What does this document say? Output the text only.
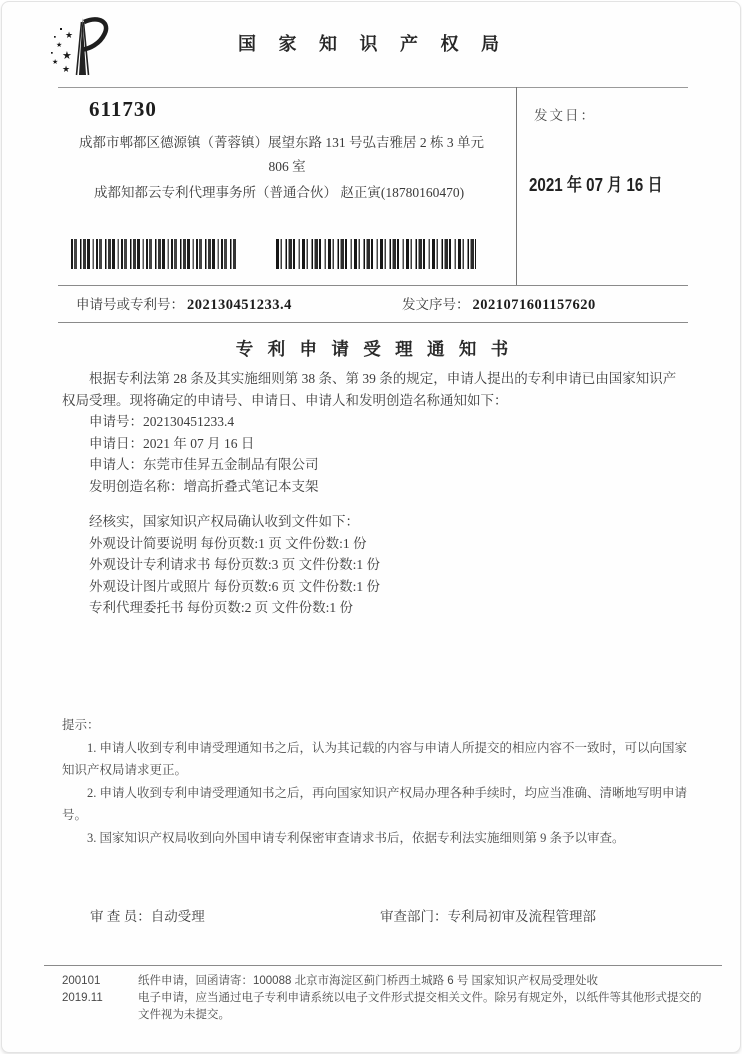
★
★
★
★
★
国 家 知 识 产 权 局
611730
成都市郫都区德源镇（菁蓉镇）展望东路 131 号弘吉雅居 2 栋 3 单元
806 室
成都知都云专利代理事务所（普通合伙） 赵正寅(18780160470)
发文日：
2021 年 07 月 16 日
申请号或专利号： 202130451233.4	发文序号： 2021071601157620
专 利 申 请 受 理 通 知 书

根据专利法第 28 条及其实施细则第 38 条、第 39 条的规定，申请人提出的专利申请已由国家知识产权局受理。现将确定的申请号、申请日、申请人和发明创造名称通知如下：

申请号：202130451233.4

申请日：2021 年 07 月 16 日

申请人：东莞市佳昇五金制品有限公司

发明创造名称：增高折叠式笔记本支架

经核实，国家知识产权局确认收到文件如下：

外观设计简要说明 每份页数:1 页 文件份数:1 份

外观设计专利请求书 每份页数:3 页 文件份数:1 份

外观设计图片或照片 每份页数:6 页 文件份数:1 份

专利代理委托书 每份页数:2 页 文件份数:1 份

提示：

1. 申请人收到专利申请受理通知书之后，认为其记载的内容与申请人所提交的相应内容不一致时，可以向国家知识产权局请求更正。

2. 申请人收到专利申请受理通知书之后，再向国家知识产权局办理各种手续时，均应当准确、清晰地写明申请号。

3. 国家知识产权局收到向外国申请专利保密审查请求书后，依据专利法实施细则第 9 条予以审查。

审 查 员：自动受理	审查部门：专利局初审及流程管理部
200101	纸件申请，回函请寄：100088 北京市海淀区蓟门桥西土城路 6 号 国家知识产权局受理处收
2019.11	电子申请，应当通过电子专利申请系统以电子文件形式提交相关文件。除另有规定外，以纸件等其他形式提交的文件视为未提交。
